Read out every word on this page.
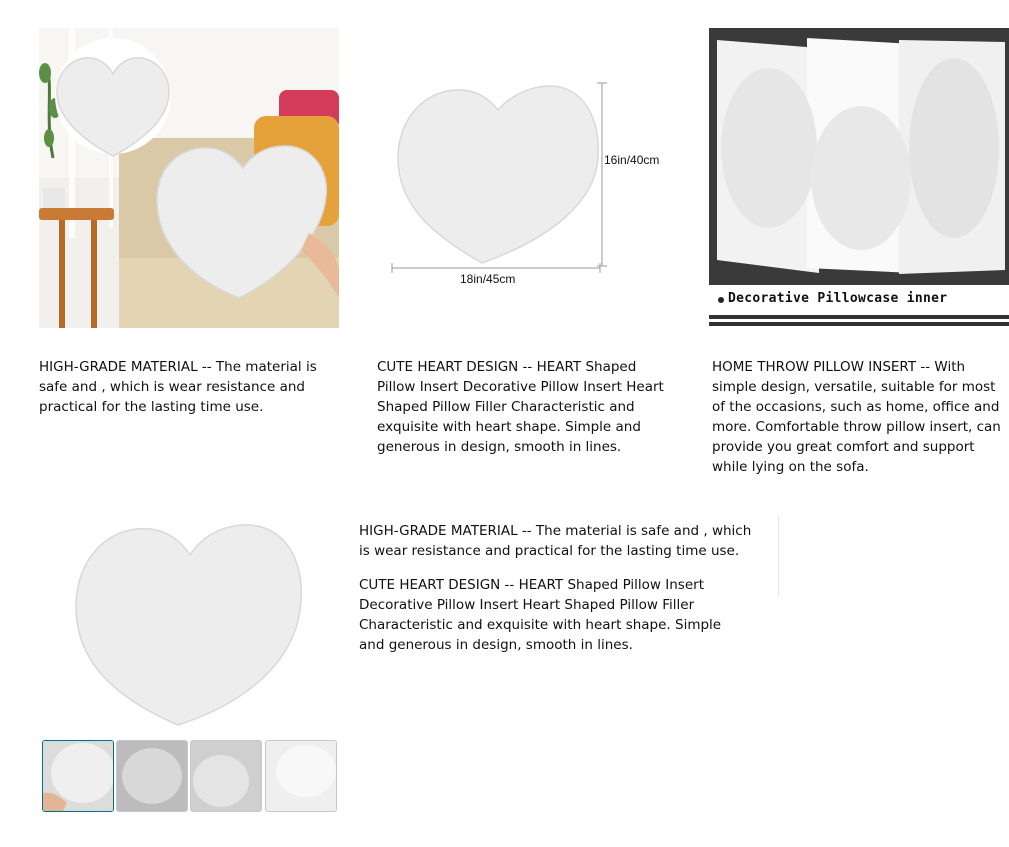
16in/40cm
18in/45cm
Decorative Pillowcase inner

HIGH-GRADE MATERIAL -- The material is safe and , which is wear resistance and practical for the lasting time use.

CUTE HEART DESIGN -- HEART Shaped Pillow Insert Decorative Pillow Insert Heart Shaped Pillow Filler Characteristic and exquisite with heart shape. Simple and generous in design, smooth in lines.

HOME THROW PILLOW INSERT -- With simple design, versatile, suitable for most of the occasions, such as home, office and more. Comfortable throw pillow insert, can provide you great comfort and support while lying on the sofa.

HIGH-GRADE MATERIAL -- The material is safe and , which is wear resistance and practical for the lasting time use.

CUTE HEART DESIGN -- HEART Shaped Pillow Insert Decorative Pillow Insert Heart Shaped Pillow Filler Characteristic and exquisite with heart shape. Simple and generous in design, smooth in lines.
